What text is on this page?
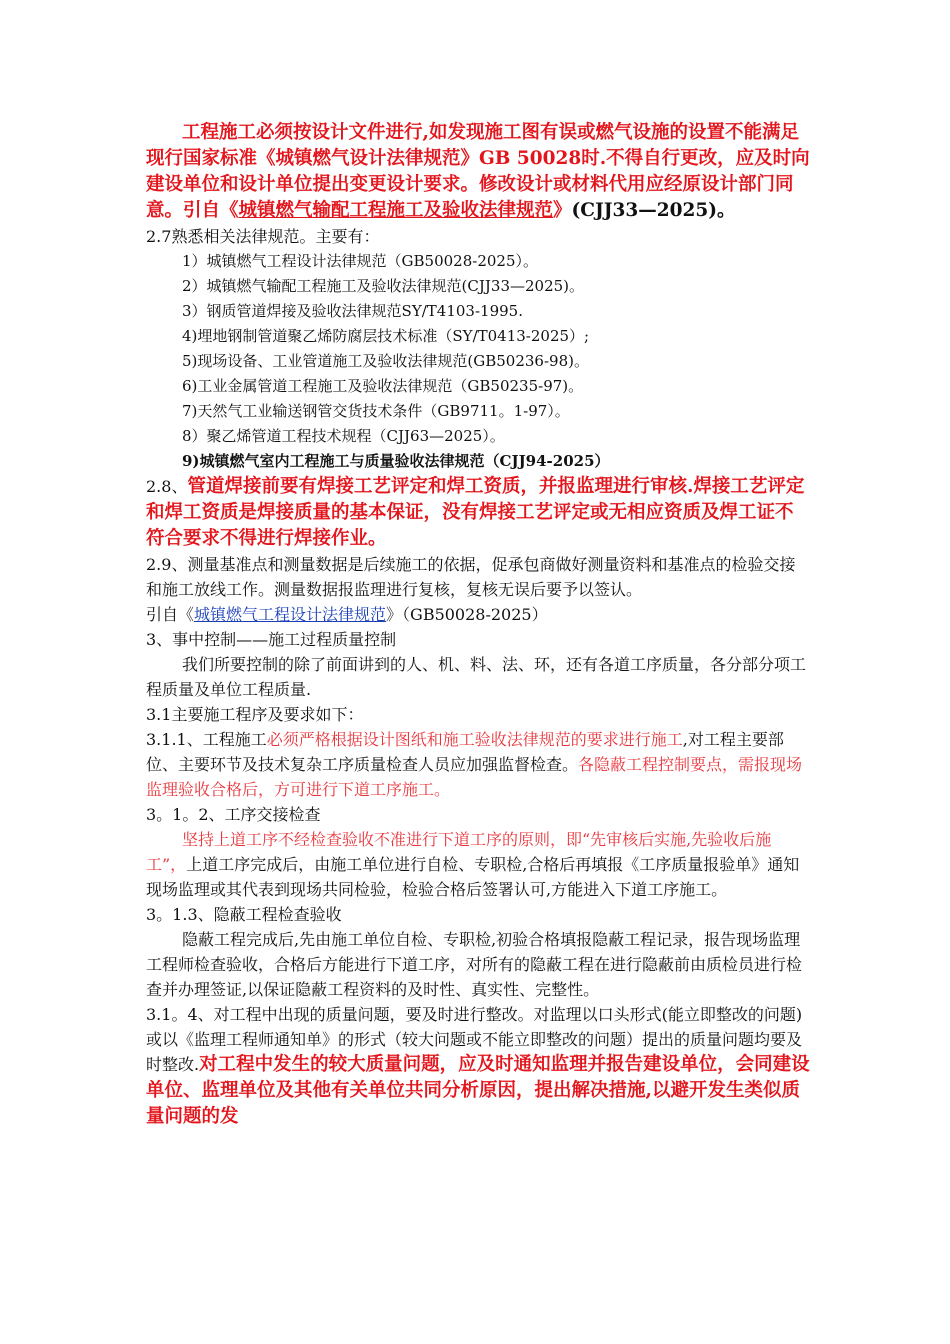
工程施工必须按设计文件进行,如发现施工图有误或燃气设施的设置不能满足现行国家标准《城镇燃气设计法律规范》GB 50028时.不得自行更改，应及时向建设单位和设计单位提出变更设计要求。修改设计或材料代用应经原设计部门同意。引自《城镇燃气输配工程施工及验收法律规范》(CJJ33—2025)。

2.7熟悉相关法律规范。主要有：

1）城镇燃气工程设计法律规范（GB50028-2025）。

2）城镇燃气输配工程施工及验收法律规范(CJJ33—2025)。

3）钢质管道焊接及验收法律规范SY/T4103-1995.

4)埋地钢制管道聚乙烯防腐层技术标准（SY/T0413-2025）;

5)现场设备、工业管道施工及验收法律规范(GB50236-98)。

6)工业金属管道工程施工及验收法律规范（GB50235-97)。

7)天然气工业输送钢管交货技术条件（GB9711。1-97）。

8）聚乙烯管道工程技术规程（CJJ63—2025）。

9)城镇燃气室内工程施工与质量验收法律规范（CJJ94-2025）

2.8、管道焊接前要有焊接工艺评定和焊工资质，并报监理进行审核.焊接工艺评定和焊工资质是焊接质量的基本保证，没有焊接工艺评定或无相应资质及焊工证不符合要求不得进行焊接作业。

2.9、测量基准点和测量数据是后续施工的依据，促承包商做好测量资料和基准点的检验交接和施工放线工作。测量数据报监理进行复核，复核无误后要予以签认。

引自《城镇燃气工程设计法律规范》（GB50028-2025）

3、事中控制——施工过程质量控制

我们所要控制的除了前面讲到的人、机、料、法、环，还有各道工序质量，各分部分项工程质量及单位工程质量.

3.1主要施工程序及要求如下：

3.1.1、工程施工必须严格根据设计图纸和施工验收法律规范的要求进行施工,对工程主要部位、主要环节及技术复杂工序质量检查人员应加强监督检查。各隐蔽工程控制要点，需报现场监理验收合格后，方可进行下道工序施工。

3。1。2、工序交接检查

坚持上道工序不经检查验收不准进行下道工序的原则，即“先审核后实施,先验收后施工”，上道工序完成后，由施工单位进行自检、专职检,合格后再填报《工序质量报验单》通知现场监理或其代表到现场共同检验，检验合格后签署认可,方能进入下道工序施工。

3。1.3、隐蔽工程检查验收

隐蔽工程完成后,先由施工单位自检、专职检,初验合格填报隐蔽工程记录，报告现场监理工程师检查验收，合格后方能进行下道工序，对所有的隐蔽工程在进行隐蔽前由质检员进行检查并办理签证,以保证隐蔽工程资料的及时性、真实性、完整性。

3.1。4、对工程中出现的质量问题，要及时进行整改。对监理以口头形式(能立即整改的问题)或以《监理工程师通知单》的形式（较大问题或不能立即整改的问题）提出的质量问题均要及时整改.对工程中发生的较大质量问题，应及时通知监理并报告建设单位，会同建设单位、监理单位及其他有关单位共同分析原因，提出解决措施,以避开发生类似质量问题的发
